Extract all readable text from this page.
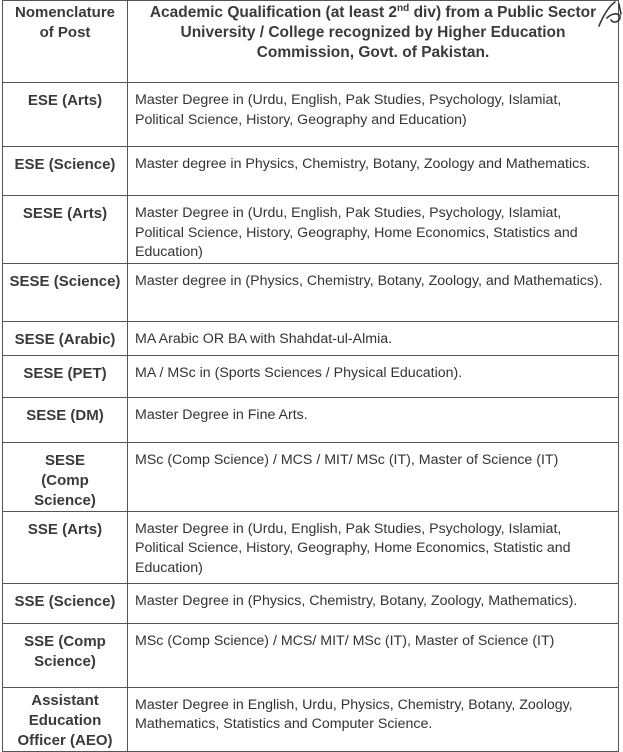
Nomenclature of Post	Academic Qualification (at least 2nd div) from a Public Sector University / College recognized by Higher Education Commission, Govt. of Pakistan.
ESE (Arts)	Master Degree in (Urdu, English, Pak Studies, Psychology, Islamiat, Political Science, History, Geography and Education)
ESE (Science)	Master degree in Physics, Chemistry, Botany, Zoology and Mathematics.
SESE (Arts)	Master Degree in (Urdu, English, Pak Studies, Psychology, Islamiat, Political Science, History, Geography, Home Economics, Statistics and Education)
SESE (Science)	Master degree in (Physics, Chemistry, Botany, Zoology, and Mathematics).
SESE (Arabic)	MA Arabic OR BA with Shahdat-ul-Almia.
SESE (PET)	MA / MSc in (Sports Sciences / Physical Education).
SESE (DM)	Master Degree in Fine Arts.
SESE (Comp Science)	MSc (Comp Science) / MCS / MIT/ MSc (IT), Master of Science (IT)
SSE (Arts)	Master Degree in (Urdu, English, Pak Studies, Psychology, Islamiat, Political Science, History, Geography, Home Economics, Statistic and Education)
SSE (Science)	Master Degree in (Physics, Chemistry, Botany, Zoology, Mathematics).
SSE (Comp Science)	MSc (Comp Science) / MCS/ MIT/ MSc (IT), Master of Science (IT)
Assistant Education Officer (AEO)	Master Degree in English, Urdu, Physics, Chemistry, Botany, Zoology, Mathematics, Statistics and Computer Science.
